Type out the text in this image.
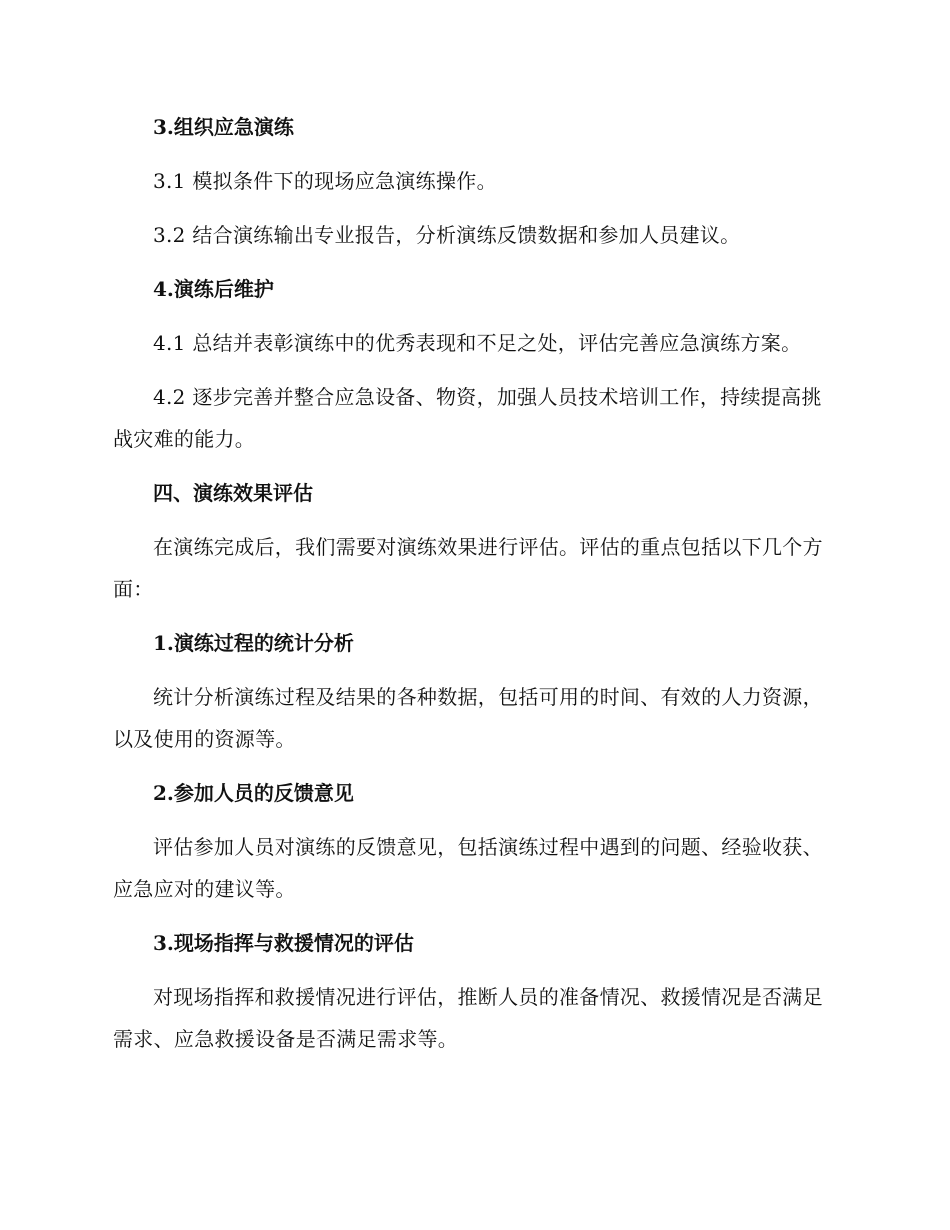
3.组织应急演练

3.1 模拟条件下的现场应急演练操作。

3.2 结合演练输出专业报告，分析演练反馈数据和参加人员建议。

4.演练后维护

4.1 总结并表彰演练中的优秀表现和不足之处，评估完善应急演练方案。

4.2 逐步完善并整合应急设备、物资，加强人员技术培训工作，持续提高挑战灾难的能力。

四、演练效果评估

在演练完成后，我们需要对演练效果进行评估。评估的重点包括以下几个方面：

1.演练过程的统计分析

统计分析演练过程及结果的各种数据，包括可用的时间、有效的人力资源，以及使用的资源等。

2.参加人员的反馈意见

评估参加人员对演练的反馈意见，包括演练过程中遇到的问题、经验收获、应急应对的建议等。

3.现场指挥与救援情况的评估

对现场指挥和救援情况进行评估，推断人员的准备情况、救援情况是否满足需求、应急救援设备是否满足需求等。
